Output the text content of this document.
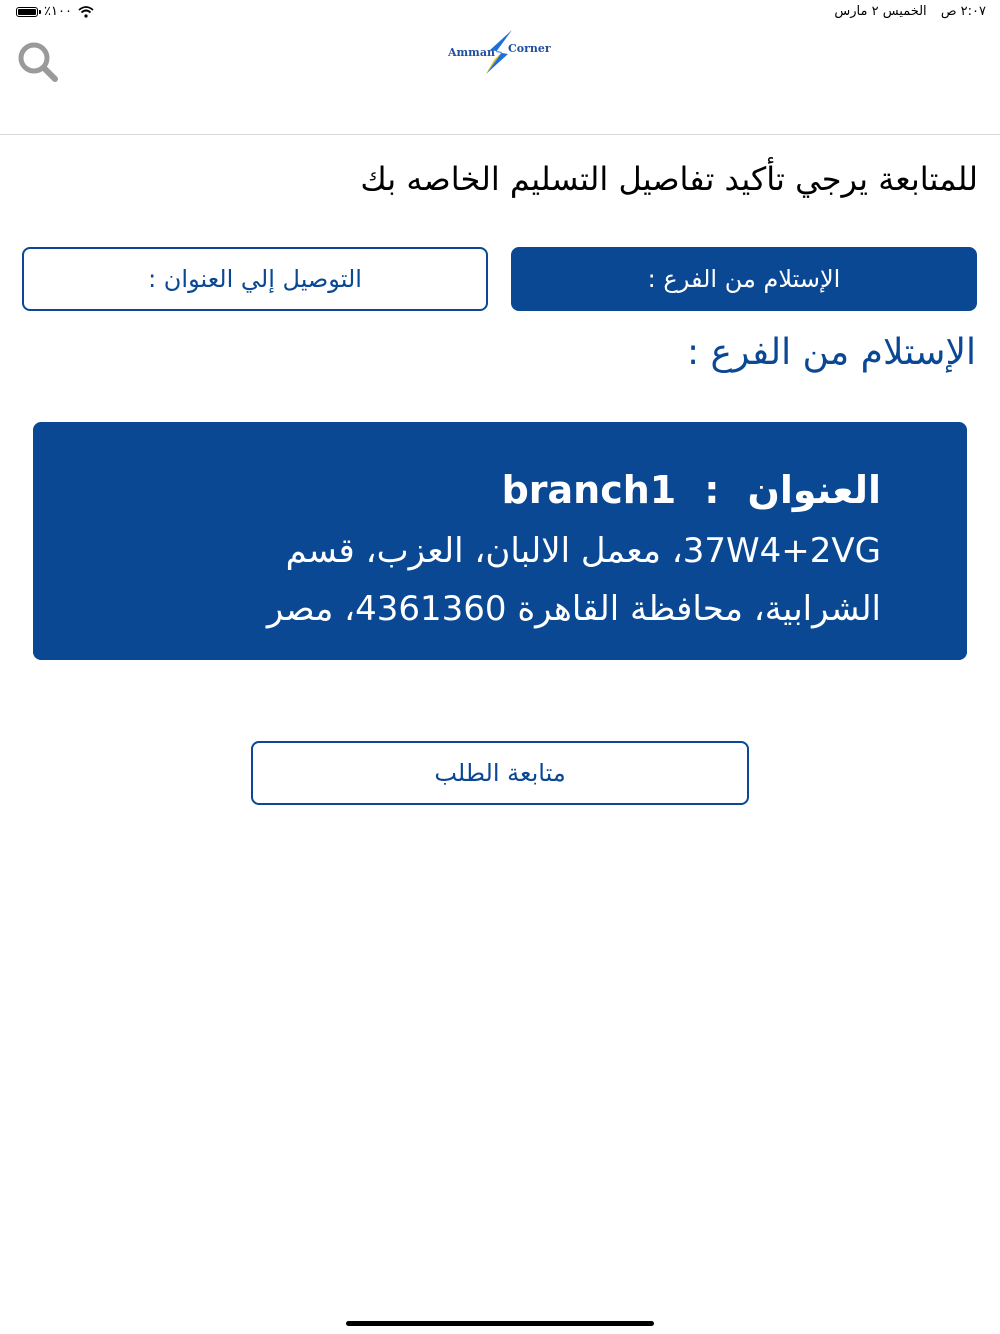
٪١٠٠	٢:٠٧ ص الخميس ٢ مارس
Amman Corner
للمتابعة يرجي تأكيد تفاصيل التسليم الخاصه بك
الإستلام من الفرع :
التوصيل إلي العنوان :
الإستلام من الفرع :
العنوان
:
branch1
37W4+2VG، معمل الالبان، العزب، قسم الشرابية، محافظة القاهرة 4361360، مصر
متابعة الطلب
